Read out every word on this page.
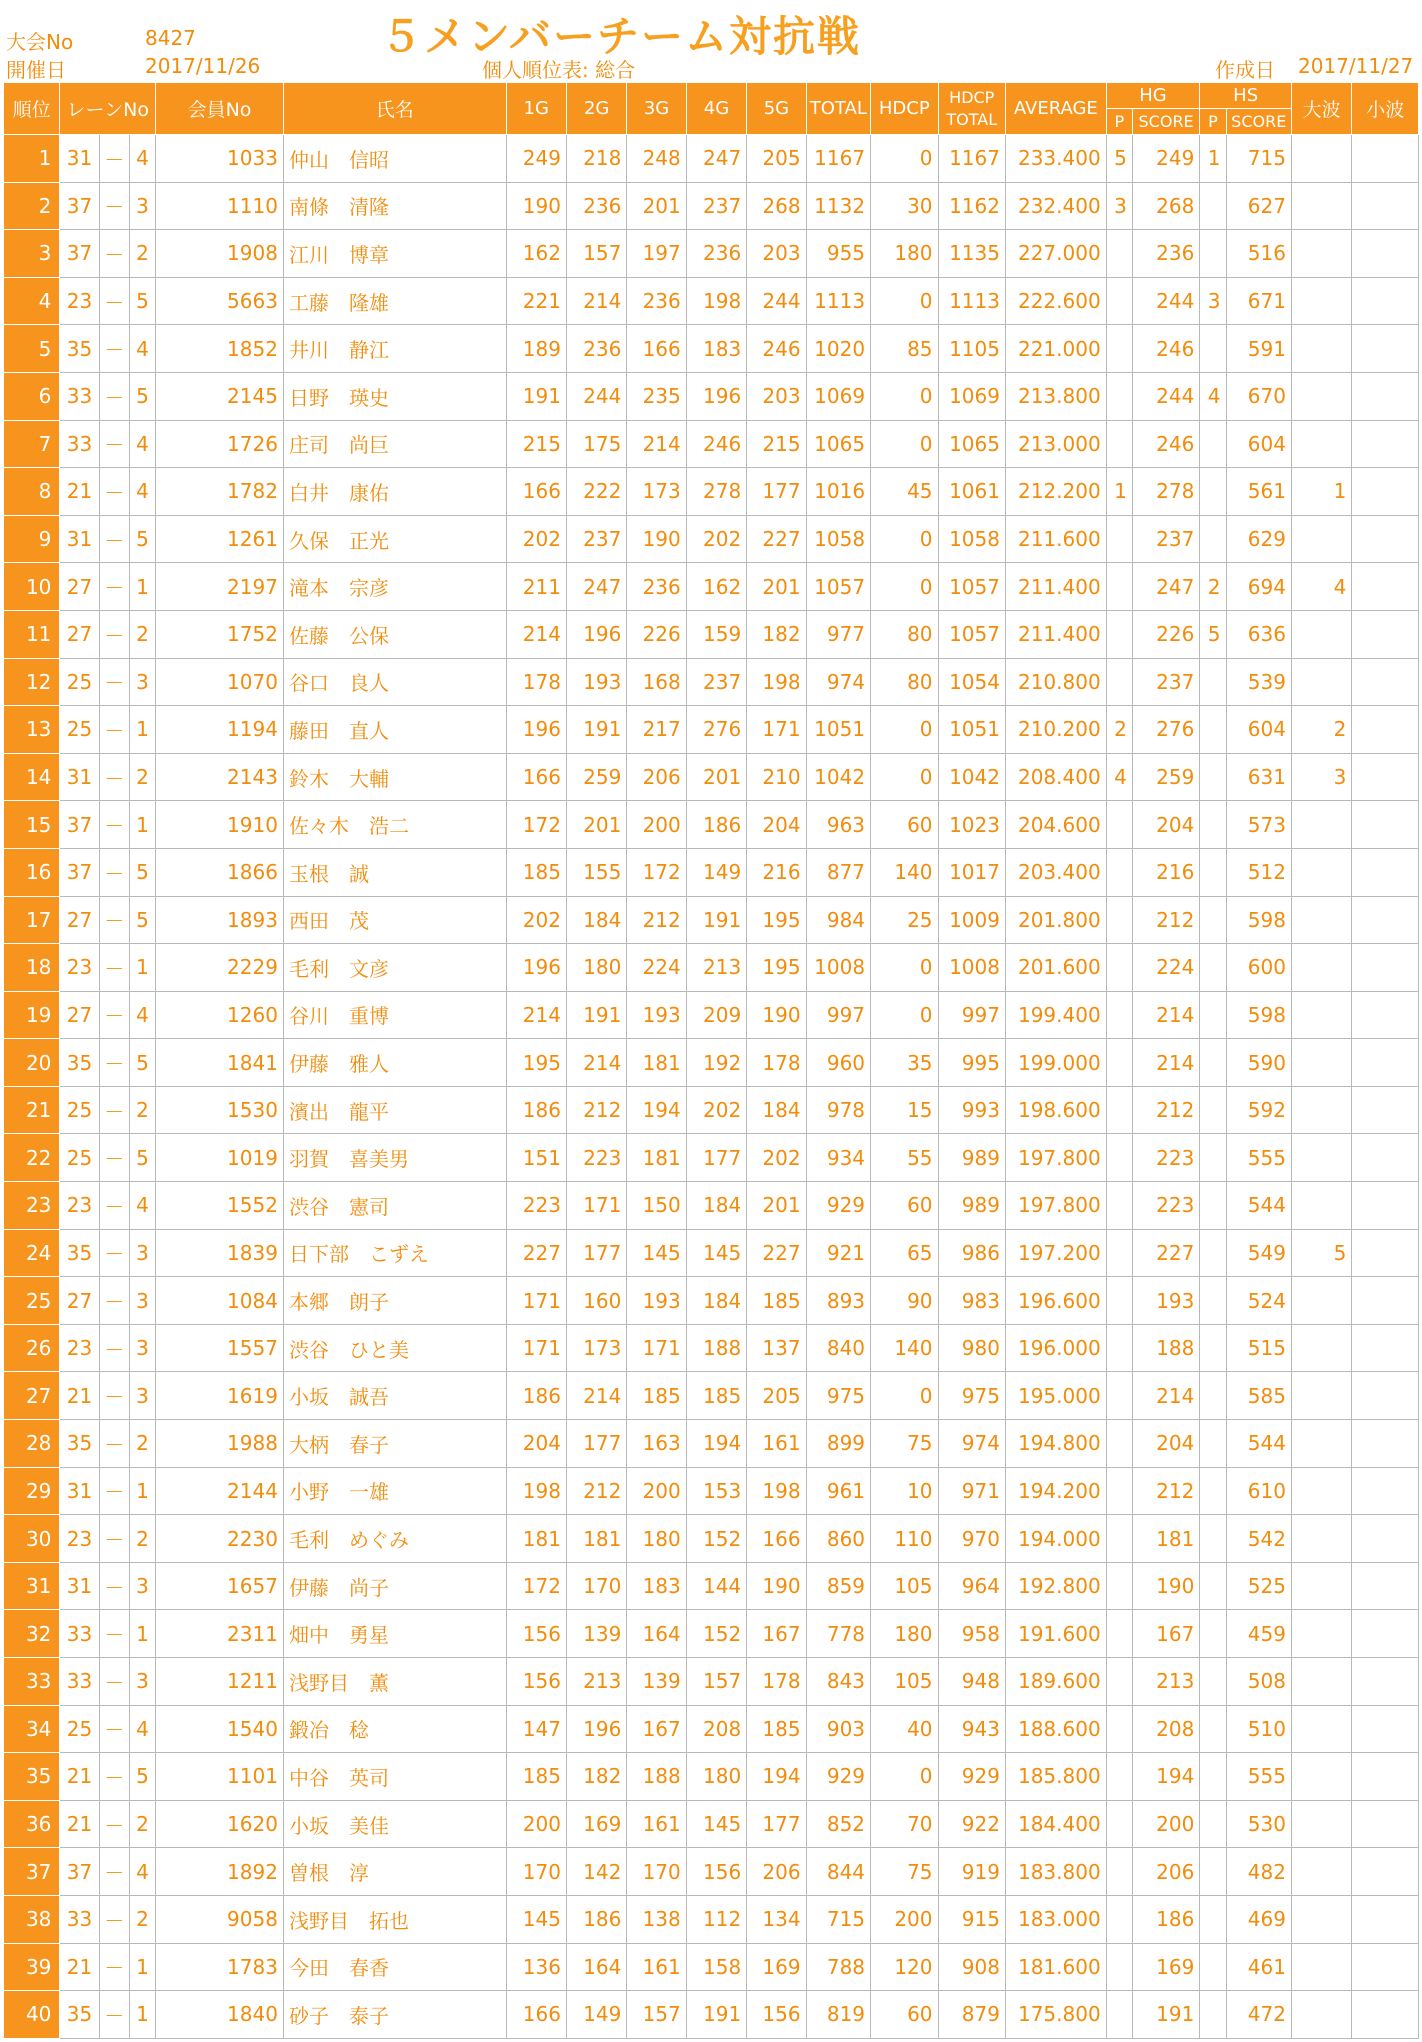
大会No	8427
開催日	2017/11/26
５メンバーチーム対抗戦
個人順位表: 総合	作成日 2017/11/27
順位	レーンNo			会員No	氏名	1G	2G	3G	4G	5G	TOTAL	HDCP	HDCP
TOTAL	AVERAGE	HG		HS		大波	小波
															P	SCORE	P	SCORE		
1	31	－	4	1033	仲山　信昭	249	218	248	247	205	1167	0	1167	233.400	5	249	1	715		
2	37	－	3	1110	南條　清隆	190	236	201	237	268	1132	30	1162	232.400	3	268		627		
3	37	－	2	1908	江川　博章	162	157	197	236	203	955	180	1135	227.000		236		516		
4	23	－	5	5663	工藤　隆雄	221	214	236	198	244	1113	0	1113	222.600		244	3	671		
5	35	－	4	1852	井川　静江	189	236	166	183	246	1020	85	1105	221.000		246		591		
6	33	－	5	2145	日野　瑛史	191	244	235	196	203	1069	0	1069	213.800		244	4	670		
7	33	－	4	1726	庄司　尚巨	215	175	214	246	215	1065	0	1065	213.000		246		604		
8	21	－	4	1782	白井　康佑	166	222	173	278	177	1016	45	1061	212.200	1	278		561	1	
9	31	－	5	1261	久保　正光	202	237	190	202	227	1058	0	1058	211.600		237		629		
10	27	－	1	2197	滝本　宗彦	211	247	236	162	201	1057	0	1057	211.400		247	2	694	4	
11	27	－	2	1752	佐藤　公保	214	196	226	159	182	977	80	1057	211.400		226	5	636		
12	25	－	3	1070	谷口　良人	178	193	168	237	198	974	80	1054	210.800		237		539		
13	25	－	1	1194	藤田　直人	196	191	217	276	171	1051	0	1051	210.200	2	276		604	2	
14	31	－	2	2143	鈴木　大輔	166	259	206	201	210	1042	0	1042	208.400	4	259		631	3	
15	37	－	1	1910	佐々木　浩二	172	201	200	186	204	963	60	1023	204.600		204		573		
16	37	－	5	1866	玉根　誠	185	155	172	149	216	877	140	1017	203.400		216		512		
17	27	－	5	1893	西田　茂	202	184	212	191	195	984	25	1009	201.800		212		598		
18	23	－	1	2229	毛利　文彦	196	180	224	213	195	1008	0	1008	201.600		224		600		
19	27	－	4	1260	谷川　重博	214	191	193	209	190	997	0	997	199.400		214		598		
20	35	－	5	1841	伊藤　雅人	195	214	181	192	178	960	35	995	199.000		214		590		
21	25	－	2	1530	濱出　龍平	186	212	194	202	184	978	15	993	198.600		212		592		
22	25	－	5	1019	羽賀　喜美男	151	223	181	177	202	934	55	989	197.800		223		555		
23	23	－	4	1552	渋谷　憲司	223	171	150	184	201	929	60	989	197.800		223		544		
24	35	－	3	1839	日下部　こずえ	227	177	145	145	227	921	65	986	197.200		227		549	5	
25	27	－	3	1084	本郷　朗子	171	160	193	184	185	893	90	983	196.600		193		524		
26	23	－	3	1557	渋谷　ひと美	171	173	171	188	137	840	140	980	196.000		188		515		
27	21	－	3	1619	小坂　誠吾	186	214	185	185	205	975	0	975	195.000		214		585		
28	35	－	2	1988	大柄　春子	204	177	163	194	161	899	75	974	194.800		204		544		
29	31	－	1	2144	小野　一雄	198	212	200	153	198	961	10	971	194.200		212		610		
30	23	－	2	2230	毛利　めぐみ	181	181	180	152	166	860	110	970	194.000		181		542		
31	31	－	3	1657	伊藤　尚子	172	170	183	144	190	859	105	964	192.800		190		525		
32	33	－	1	2311	畑中　勇星	156	139	164	152	167	778	180	958	191.600		167		459		
33	33	－	3	1211	浅野目　薫	156	213	139	157	178	843	105	948	189.600		213		508		
34	25	－	4	1540	鍛冶　稔	147	196	167	208	185	903	40	943	188.600		208		510		
35	21	－	5	1101	中谷　英司	185	182	188	180	194	929	0	929	185.800		194		555		
36	21	－	2	1620	小坂　美佳	200	169	161	145	177	852	70	922	184.400		200		530		
37	37	－	4	1892	曽根　淳	170	142	170	156	206	844	75	919	183.800		206		482		
38	33	－	2	9058	浅野目　拓也	145	186	138	112	134	715	200	915	183.000		186		469		
39	21	－	1	1783	今田　春香	136	164	161	158	169	788	120	908	181.600		169		461		
40	35	－	1	1840	砂子　泰子	166	149	157	191	156	819	60	879	175.800		191		472		
